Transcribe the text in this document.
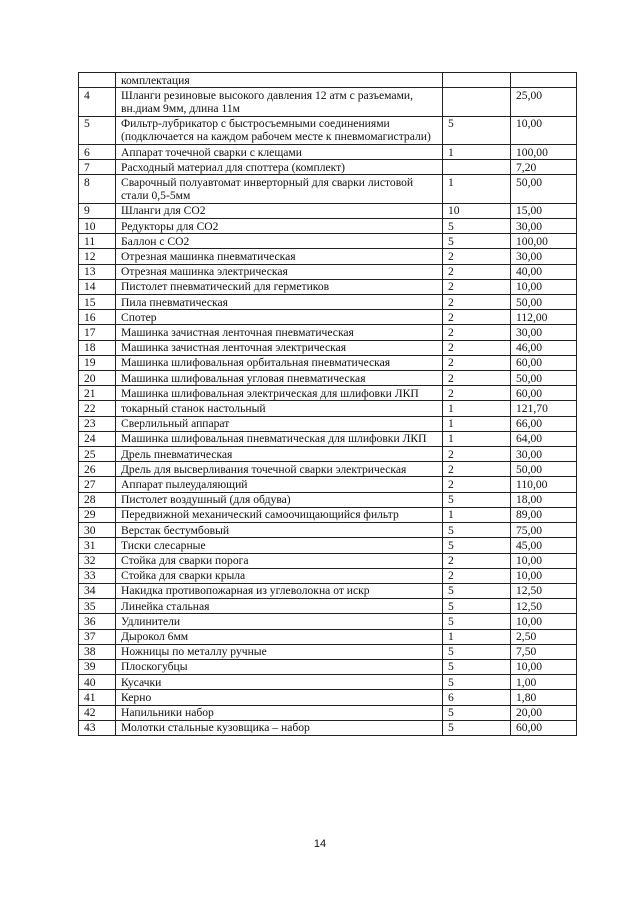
	комплектация		
4	Шланги резиновые высокого давления 12 атм с разъемами, вн.диам 9мм, длина 11м		25,00
5	Фильтр-лубрикатор с быстросъемными соединениями (подключается на каждом рабочем месте к пневмомагистрали)	5	10,00
6	Аппарат точечной сварки с клещами	1	100,00
7	Расходный материал для споттера (комплект)		7,20
8	Сварочный полуавтомат инверторный для сварки листовой стали 0,5-5мм	1	50,00
9	Шланги для СО2	10	15,00
10	Редукторы для СО2	5	30,00
11	Баллон с СО2	5	100,00
12	Отрезная машинка пневматическая	2	30,00
13	Отрезная машинка электрическая	2	40,00
14	Пистолет пневматический для герметиков	2	10,00
15	Пила пневматическая	2	50,00
16	Спотер	2	112,00
17	Машинка зачистная ленточная пневматическая	2	30,00
18	Машинка зачистная ленточная электрическая	2	46,00
19	Машинка шлифовальная орбитальная пневматическая	2	60,00
20	Машинка шлифовальная угловая пневматическая	2	50,00
21	Машинка шлифовальная электрическая для шлифовки ЛКП	2	60,00
22	токарный станок настольный	1	121,70
23	Сверлильный аппарат	1	66,00
24	Машинка шлифовальная пневматическая для шлифовки ЛКП	1	64,00
25	Дрель пневматическая	2	30,00
26	Дрель для высверливания точечной сварки электрическая	2	50,00
27	Аппарат пылеудаляющий	2	110,00
28	Пистолет воздушный (для обдува)	5	18,00
29	Передвижной механический самоочищающийся фильтр	1	89,00
30	Верстак бестумбовый	5	75,00
31	Тиски слесарные	5	45,00
32	Стойка для сварки порога	2	10,00
33	Стойка для сварки крыла	2	10,00
34	Накидка противопожарная из углеволокна от искр	5	12,50
35	Линейка стальная	5	12,50
36	Удлинители	5	10,00
37	Дырокол 6мм	1	2,50
38	Ножницы по металлу ручные	5	7,50
39	Плоскогубцы	5	10,00
40	Кусачки	5	1,00
41	Керно	6	1,80
42	Напильники набор	5	20,00
43	Молотки стальные кузовщика – набор	5	60,00
14
